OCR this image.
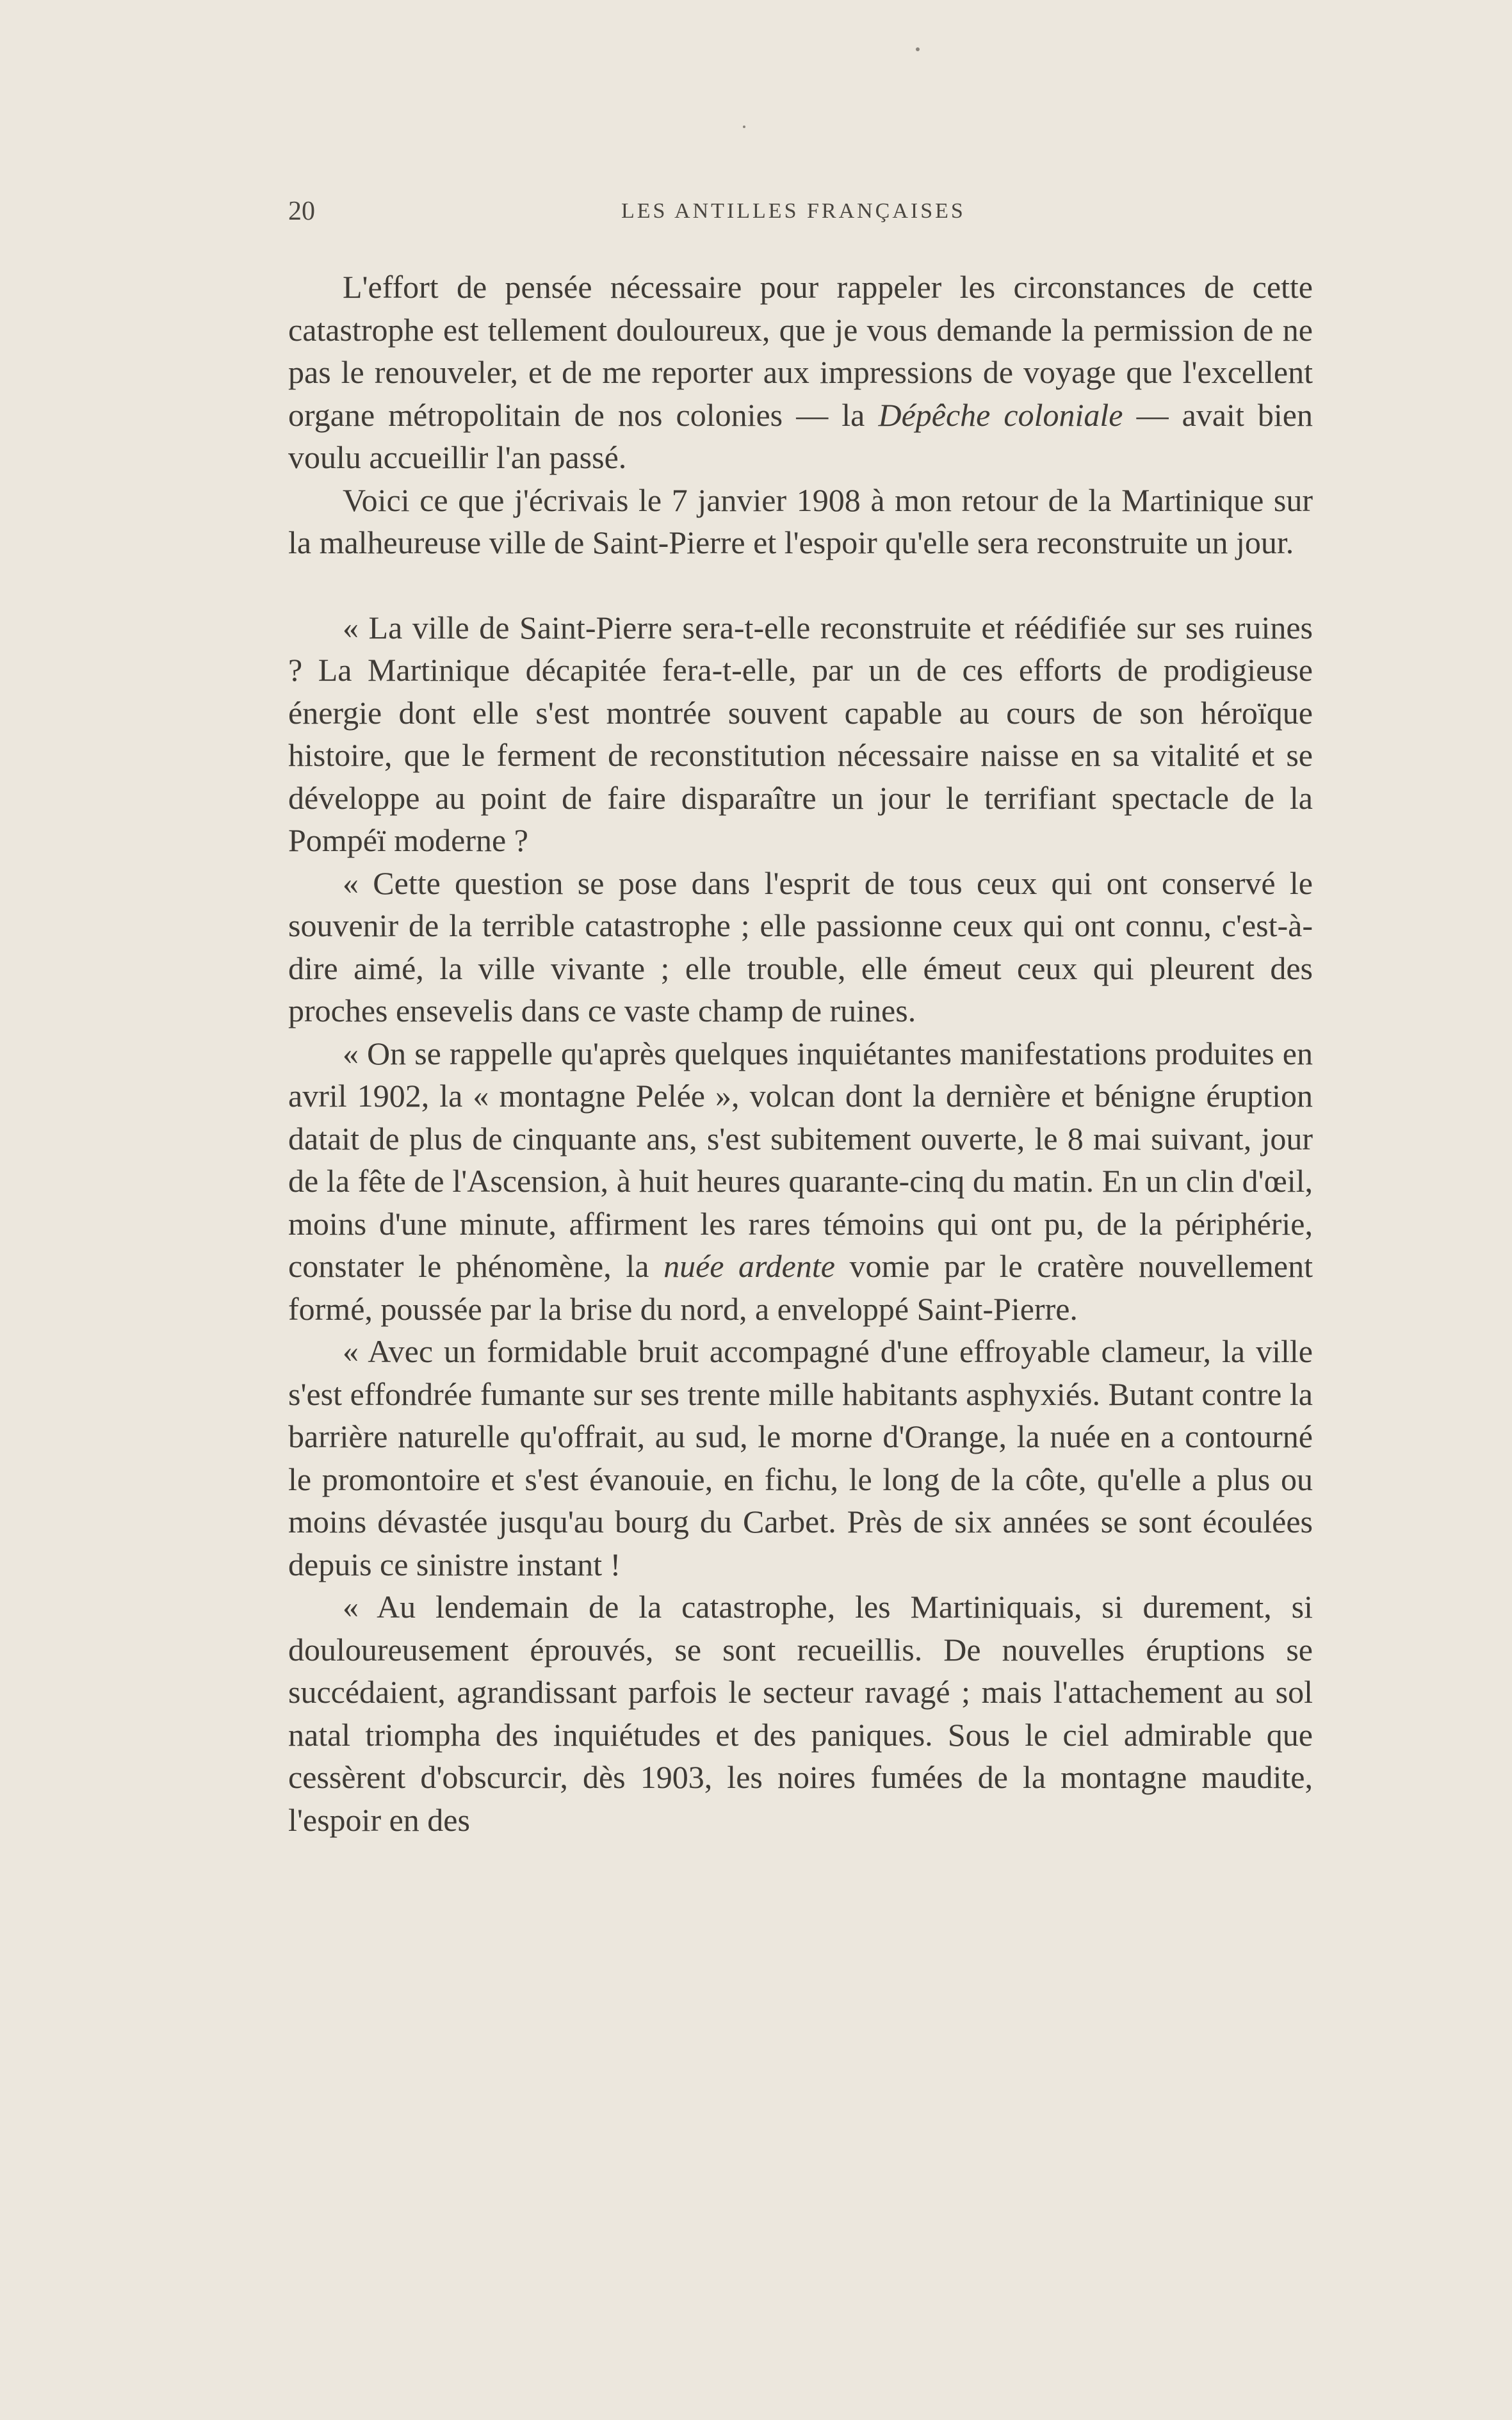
20	LES ANTILLES FRANÇAISES

L'effort de pensée nécessaire pour rappeler les circonstances de cette catastrophe est tellement douloureux, que je vous demande la permission de ne pas le renouveler, et de me reporter aux impressions de voyage que l'excellent organe métropolitain de nos colonies — la Dépêche coloniale — avait bien voulu accueillir l'an passé.

Voici ce que j'écrivais le 7 janvier 1908 à mon retour de la Martinique sur la malheureuse ville de Saint-Pierre et l'espoir qu'elle sera reconstruite un jour.

« La ville de Saint-Pierre sera-t-elle reconstruite et réédifiée sur ses ruines ? La Martinique décapitée fera-t-elle, par un de ces efforts de prodigieuse énergie dont elle s'est montrée souvent capable au cours de son héroïque histoire, que le ferment de reconstitution nécessaire naisse en sa vitalité et se développe au point de faire disparaître un jour le terrifiant spectacle de la Pompéï moderne ?

« Cette question se pose dans l'esprit de tous ceux qui ont conservé le souvenir de la terrible catastrophe ; elle passionne ceux qui ont connu, c'est-à-dire aimé, la ville vivante ; elle trouble, elle émeut ceux qui pleurent des proches ensevelis dans ce vaste champ de ruines.

« On se rappelle qu'après quelques inquiétantes manifestations produites en avril 1902, la « montagne Pelée », volcan dont la dernière et bénigne éruption datait de plus de cinquante ans, s'est subitement ouverte, le 8 mai suivant, jour de la fête de l'Ascension, à huit heures quarante-cinq du matin. En un clin d'œil, moins d'une minute, affirment les rares témoins qui ont pu, de la périphérie, constater le phénomène, la nuée ardente vomie par le cratère nouvellement formé, poussée par la brise du nord, a enveloppé Saint-Pierre.

« Avec un formidable bruit accompagné d'une effroyable clameur, la ville s'est effondrée fumante sur ses trente mille habitants asphyxiés. Butant contre la barrière naturelle qu'offrait, au sud, le morne d'Orange, la nuée en a contourné le promontoire et s'est évanouie, en fichu, le long de la côte, qu'elle a plus ou moins dévastée jusqu'au bourg du Carbet. Près de six années se sont écoulées depuis ce sinistre instant !

« Au lendemain de la catastrophe, les Martiniquais, si durement, si douloureusement éprouvés, se sont recueillis. De nouvelles éruptions se succédaient, agrandissant parfois le secteur ravagé ; mais l'attachement au sol natal triompha des inquiétudes et des paniques. Sous le ciel admirable que cessèrent d'obscurcir, dès 1903, les noires fumées de la montagne maudite, l'espoir en des
